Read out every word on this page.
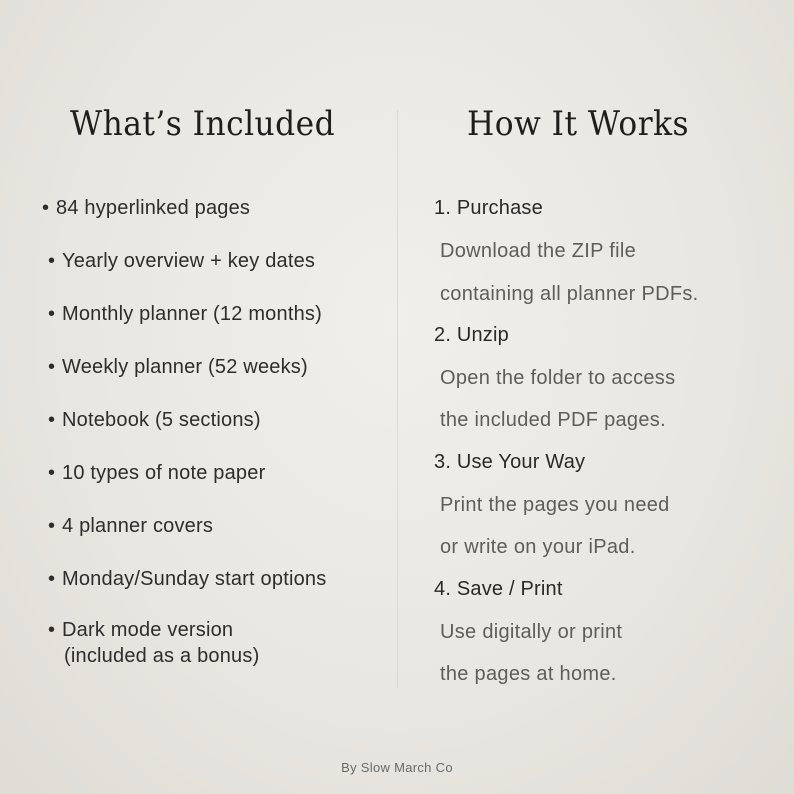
What’s Included	How It Works
• 84 hyperlinked pages
• Yearly overview + key dates
• Monthly planner (12 months)
• Weekly planner (52 weeks)
• Notebook (5 sections)
• 10 types of note paper
• 4 planner covers
• Monday/Sunday start options
• Dark mode version
(included as a bonus)
1. Purchase
Download the ZIP file
containing all planner PDFs.
2. Unzip
Open the folder to access
the included PDF pages.
3. Use Your Way
Print the pages you need
or write on your iPad.
4. Save / Print
Use digitally or print
the pages at home.
By Slow March Co
